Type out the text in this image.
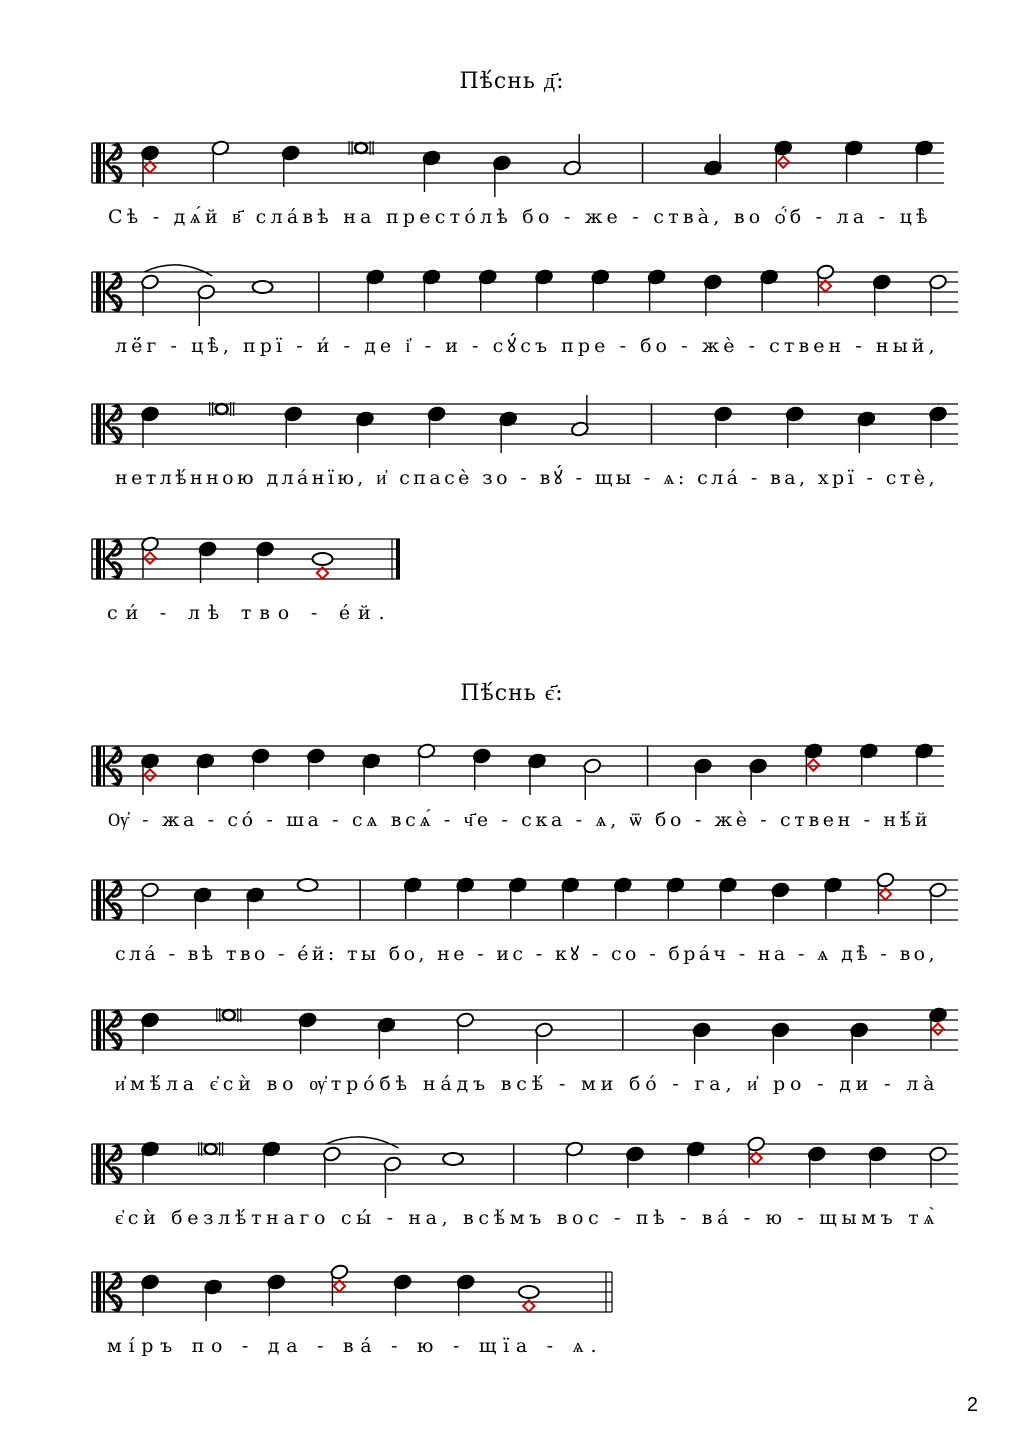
Пѣ́снь д҃:
Сѣ - дѧ́й в҃ сла́вѣ на престо́лѣ бо - же - ства̀, во ѻ҆́б - ла - цѣ̀
лё́г - цѣ̀, прї - и́ - де і҆ - и - сꙋ́съ пре - бо - жѐ - ствен - ный,
нетлѣ́нною дла́нїю, и҆ спасѐ зо - вꙋ́ - щы - ѧ: сла́ - ва, хрї - стѐ,
си́ - лѣ тво - е́й.
Пѣ́снь є҃:
Ѹ҆ - жа - со́ - ша - сѧ всѧ́ - ч҃е - ска - ѧ, ѿ бо - жѐ - ствен - нѣ́й
сла́ - вѣ тво - е́й: ты бо, не - ис - кꙋ - со - бра́ч - на - ѧ дѣ̀ - во,
и҆мѣ́ла є҆сѝ во ѹ҆тро́бѣ на́дъ всѣ́ - ми бо́ - га, и҆ ро - ди - ла̀
є҆сѝ безлѣ́тнаго сы́ - на, всѣ́мъ вос - пѣ - ва́ - ю - щымъ тѧ̀
мі́ръ по - да - ва́ - ю - щїа - ѧ.
2
